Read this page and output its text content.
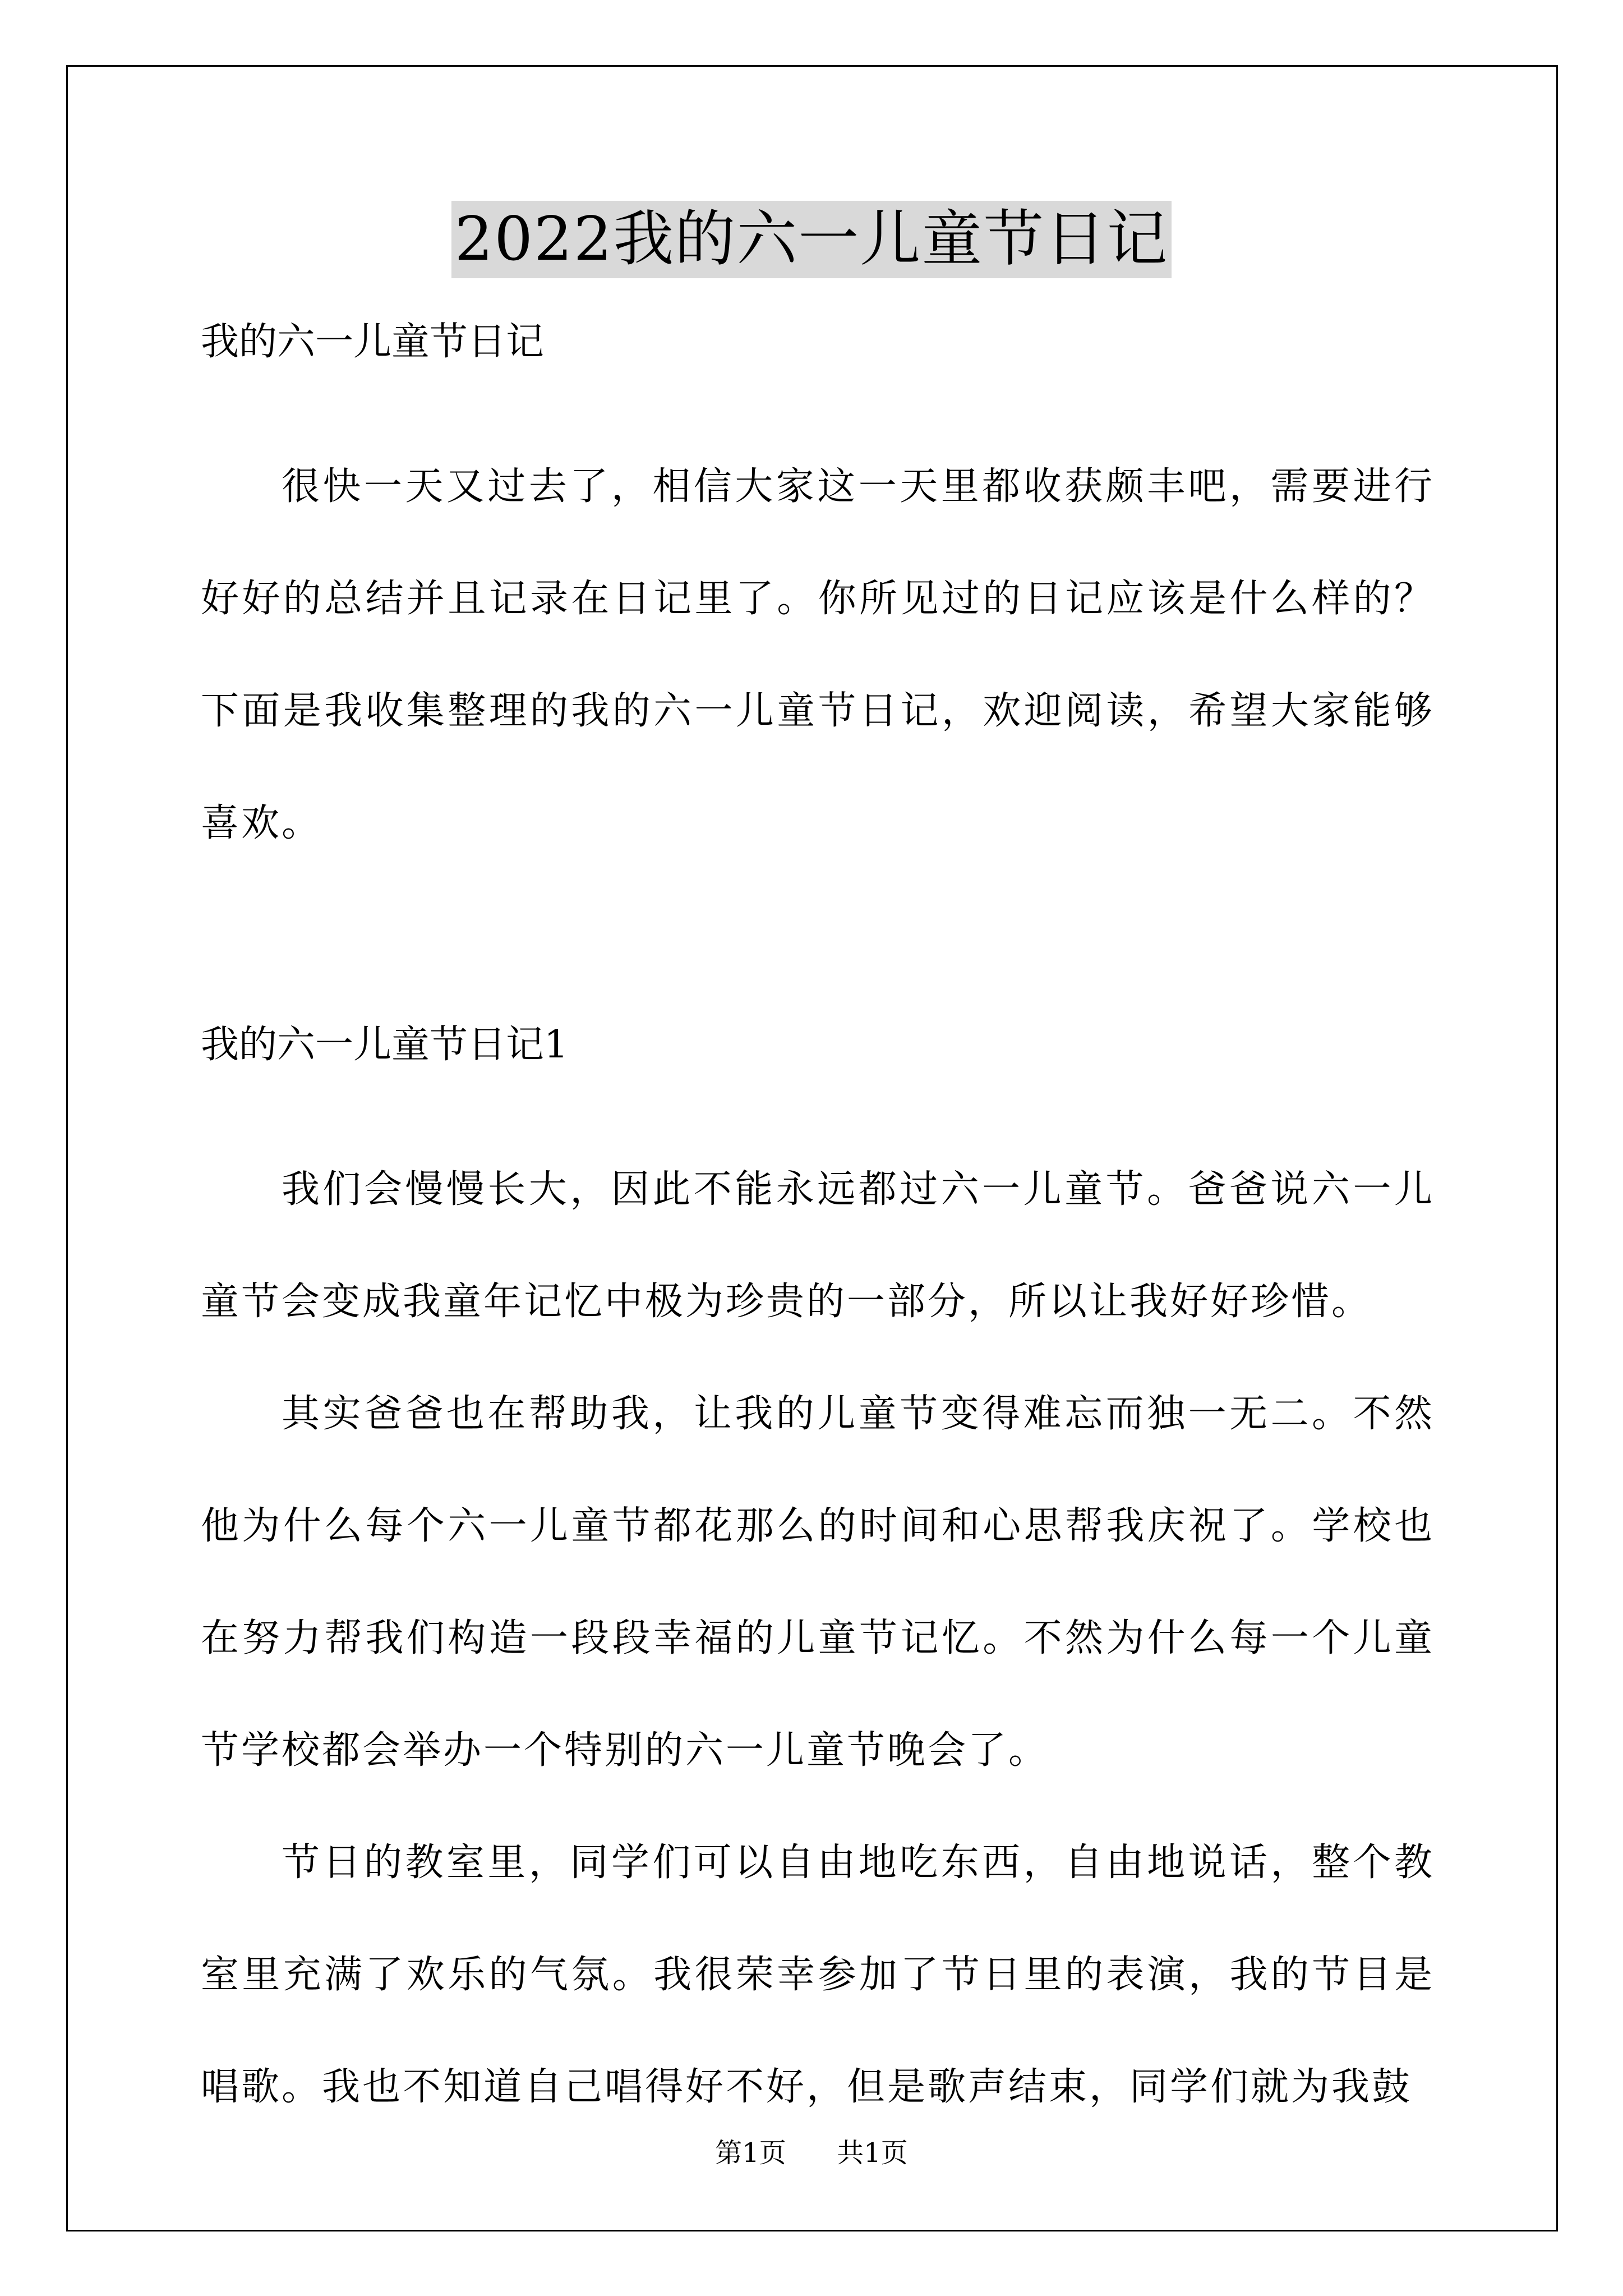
2022我的六一儿童节日记

我的六一儿童节日记

很快一天又过去了，相信大家这一天里都收获颇丰吧，需要进行好好的总结并且记录在日记里了。你所见过的日记应该是什么样的？下面是我收集整理的我的六一儿童节日记，欢迎阅读，希望大家能够喜欢。

我的六一儿童节日记1

我们会慢慢长大，因此不能永远都过六一儿童节。爸爸说六一儿童节会变成我童年记忆中极为珍贵的一部分，所以让我好好珍惜。

其实爸爸也在帮助我，让我的儿童节变得难忘而独一无二。不然他为什么每个六一儿童节都花那么的时间和心思帮我庆祝了。学校也在努力帮我们构造一段段幸福的儿童节记忆。不然为什么每一个儿童节学校都会举办一个特别的六一儿童节晚会了。

节日的教室里，同学们可以自由地吃东西，自由地说话，整个教室里充满了欢乐的气氛。我很荣幸参加了节日里的表演，我的节目是唱歌。我也不知道自己唱得好不好，但是歌声结束，同学们就为我鼓

第1页 共1页
